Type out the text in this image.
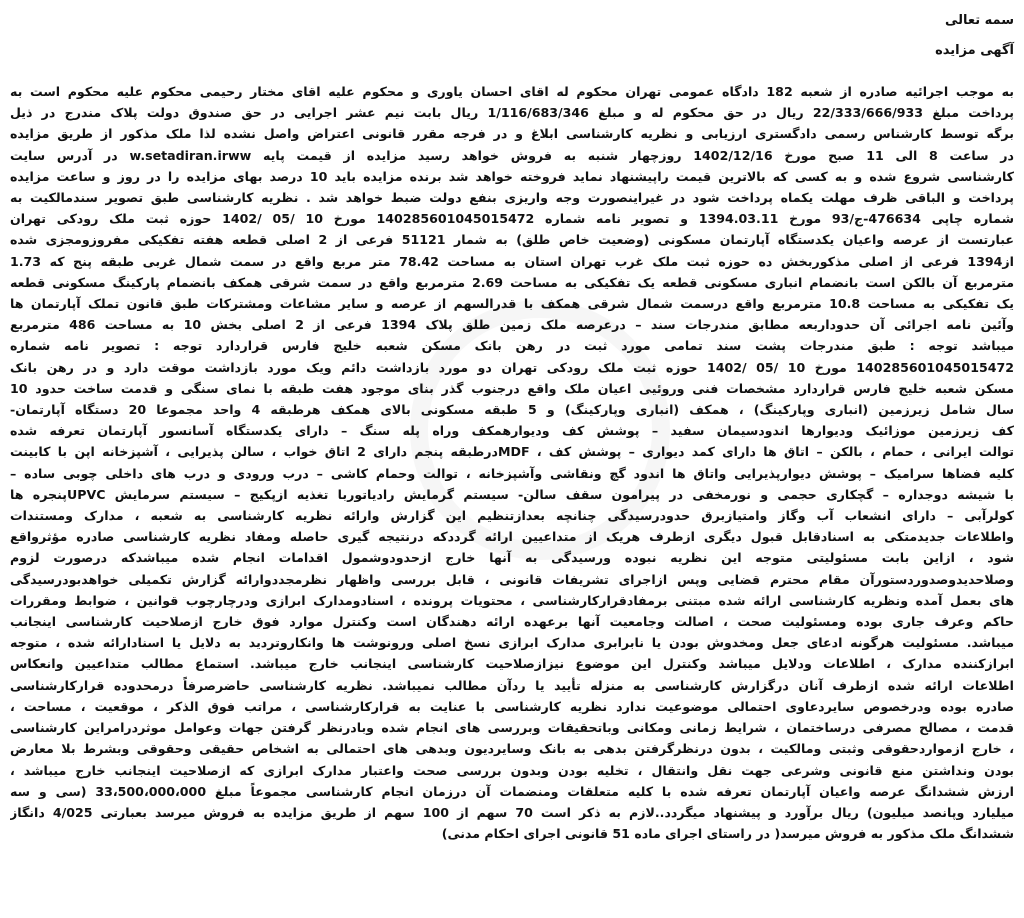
سمه تعالی
آگهی مزایده
به موجب اجرائیه صادره از شعبه 182 دادگاه عمومی تهران محکوم له اقای احسان یاوری و محکوم علیه اقای مختار رحیمی محکوم علیه محکوم است به
پرداخت مبلغ 22/333/666/933 ریال در حق محکوم له و مبلغ 1/116/683/346 ریال بابت نیم عشر اجرایی در حق صندوق دولت پلاک مندرج در ذیل
برگه توسط کارشناس رسمی دادگستری ارزیابی و نظریه کارشناسی ابلاغ و در فرجه مقرر قانونی اعتراض واصل نشده لذا ملک مذکور از طریق مزایده
در ساعت 8 الی 11 صبح مورخ 1402/12/16 روزچهار شنبه به فروش خواهد رسید مزایده از قیمت پایه w.setadiran.irww در آدرس سایت
کارشناسی شروع شده و به کسی که بالاترین قیمت راپیشنهاد نماید فروخته خواهد شد برنده مزایده باید 10 درصد بهای مزایده را در روز و ساعت مزایده
پرداخت و الباقی ظرف مهلت یکماه پرداخت شود در غیراینصورت وجه واریزی بنفع دولت ضبط خواهد شد . نظریه کارشناسی طبق تصویر سندمالکیت به
شماره چاپی 476634-ج/93 مورخ 1394.03.11 و تصویر نامه شماره 140285601045015472 مورخ 10 /05 /1402 حوزه ثبت ملک رودکی تهران
عبارتست از عرصه واعیان یکدستگاه آپارتمان مسکونی (وضعیت خاص طلق) به شمار 51121 فرعی از 2 اصلی قطعه هفته تفکیکی مفروزومجزی شده
از1394 فرعی از اصلی مذکوربخش ده حوزه ثبت ملک غرب تهران استان به مساحت 78.42 متر مربع واقع در سمت شمال غربی طبقه پنج که 1.73
مترمربع آن بالکن است بانضمام انباری مسکونی قطعه یک تفکیکی به مساحت 2.69 مترمربع واقع در سمت شرقی همکف بانضمام پارکینگ مسکونی قطعه
یک تفکیکی به مساحت 10.8 مترمربع واقع درسمت شمال شرقی همکف با قدرالسهم از عرصه و سایر مشاعات ومشترکات طبق قانون تملک آپارتمان ها
وآئین نامه اجرائی آن حدوداربعه مطابق مندرجات سند – درعرصه ملک زمین طلق پلاک 1394 فرعی از 2 اصلی بخش 10 به مساحت 486 مترمربع
میباشد توجه : طبق مندرجات پشت سند تمامی مورد ثبت در رهن بانک مسکن شعبه خلیج فارس قراردارد توجه : تصویر نامه شماره
140285601045015472 مورخ 10 /05 /1402 حوزه ثبت ملک رودکی تهران دو مورد بازداشت دائم ویک مورد بازداشت موقت دارد و در رهن بانک
مسکن شعبه خلیج فارس قراردارد مشخصات فنی وروئیی اعیان ملک واقع درجنوب گذر بنای موجود هفت طبقه با نمای سنگی و قدمت ساخت حدود 10
سال شامل زیرزمین (انباری وپارکینگ) ، همکف (انباری وپارکینگ) و 5 طبقه مسکونی بالای همکف هرطبقه 4 واحد مجموعا 20 دستگاه آپارتمان-
کف زیرزمین موزائیک ودیوارها اندودسیمان سفید – پوشش کف ودیوارهمکف وراه پله سنگ – دارای یکدستگاه آسانسور آپارتمان تعرفه شده
توالت ایرانی ، حمام ، بالکن – اتاق ها دارای کمد دیواری – پوشش کف ، MDFدرطبقه پنجم دارای 2 اتاق خواب ، سالن پذیرایی ، آشپزخانه اپن با کابینت
کلیه فضاها سرامیک – پوشش دیوارپذیرایی واتاق ها اندود گچ ونقاشی وآشپزخانه ، توالت وحمام کاشی – درب ورودی و درب های داخلی چوبی ساده –
با شیشه دوجداره – گچکاری حجمی و نورمخفی در پیرامون سقف سالن- سیستم گرمایش رادیاتوربا تغذیه ازپکیج – سیستم سرمایش UPVCپنجره ها
کولرآبی – دارای انشعاب آب وگاز وامتیازبرق حدودرسیدگی چنانچه بعدازتنظیم این گزارش وارائه نظریه کارشناسی به شعبه ، مدارک ومستندات
واطلاعات جدیدمتکی به اسنادقابل قبول دیگری ازطرف هریک از متداعیین ارائه گرددکه درنتیجه گیری حاصله ومفاد نظریه کارشناسی صادره مؤثرواقع
شود ، ازاین بابت مسئولیتی متوجه این نظریه نبوده ورسیدگی به آنها خارج ازحدودوشمول اقدامات انجام شده میباشدکه درصورت لزوم
وصلاحدیدوصدوردستورآن مقام محترم قضایی وپس ازاجرای تشریفات قانونی ، قابل بررسی واظهار نظرمجددوارائه گزارش تکمیلی خواهدبودرسیدگی
های بعمل آمده ونظریه کارشناسی ارائه شده مبتنی برمفادقرارکارشناسی ، محتویات پرونده ، اسنادومدارک ابرازی ودرچارچوب قوانین ، ضوابط ومقررات
حاکم وعرف جاری بوده ومسئولیت صحت ، اصالت وجامعیت آنها برعهده ارائه دهندگان است وکنترل موارد فوق خارج ازصلاحیت کارشناسی اینجانب
میباشد. مسئولیت هرگونه ادعای جعل ومخدوش بودن یا نابرابری مدارک ابرازی نسخ اصلی ورونوشت ها وانکاروتردید به دلایل یا اسنادارائه شده ، متوجه
ابرازکننده مدارک ، اطلاعات ودلایل میباشد وکنترل این موضوع نیزازصلاحیت کارشناسی اینجانب خارج میباشد. استماع مطالب متداعیین وانعکاس
اطلاعات ارائه شده ازطرف آنان درگزارش کارشناسی به منزله تأیید یا ردآن مطالب نمیباشد. نظریه کارشناسی حاضرصرفاً درمحدوده قرارکارشناسی
صادره بوده ودرخصوص سایردعاوی احتمالی موضوعیت ندارد نظریه کارشناسی با عنایت به قرارکارشناسی ، مراتب فوق الذکر ، موقعیت ، مساحت ،
قدمت ، مصالح مصرفی درساختمان ، شرایط زمانی ومکانی وباتحقیقات وبررسی های انجام شده وبادرنظر گرفتن جهات وعوامل موثردرامراین کارشناسی
، خارج ازمواردحقوقی وثبتی ومالکیت ، بدون درنظرگرفتن بدهی به بانک وسایردیون وبدهی های احتمالی به اشخاص حقیقی وحقوقی وبشرط بلا معارض
بودن ونداشتن منع قانونی وشرعی جهت نقل وانتقال ، تخلیه بودن وبدون بررسی صحت واعتبار مدارک ابرازی که ازصلاحیت اینجانب خارج میباشد ،
ارزش ششدانگ عرصه واعیان آپارتمان تعرفه شده با کلیه متعلقات ومنضمات آن درزمان انجام کارشناسی مجموعاً مبلغ 33،500،000،000 (سی و سه
میلیارد وپانصد میلیون) ریال برآورد و پیشنهاد میگردد..لازم به ذکر است 70 سهم از 100 سهم از طریق مزایده به فروش میرسد بعبارتی 4/025 دانگاز
ششدانگ ملک مذکور به فروش میرسد( در راستای اجرای ماده 51 قانونی اجرای احکام مدنی)
